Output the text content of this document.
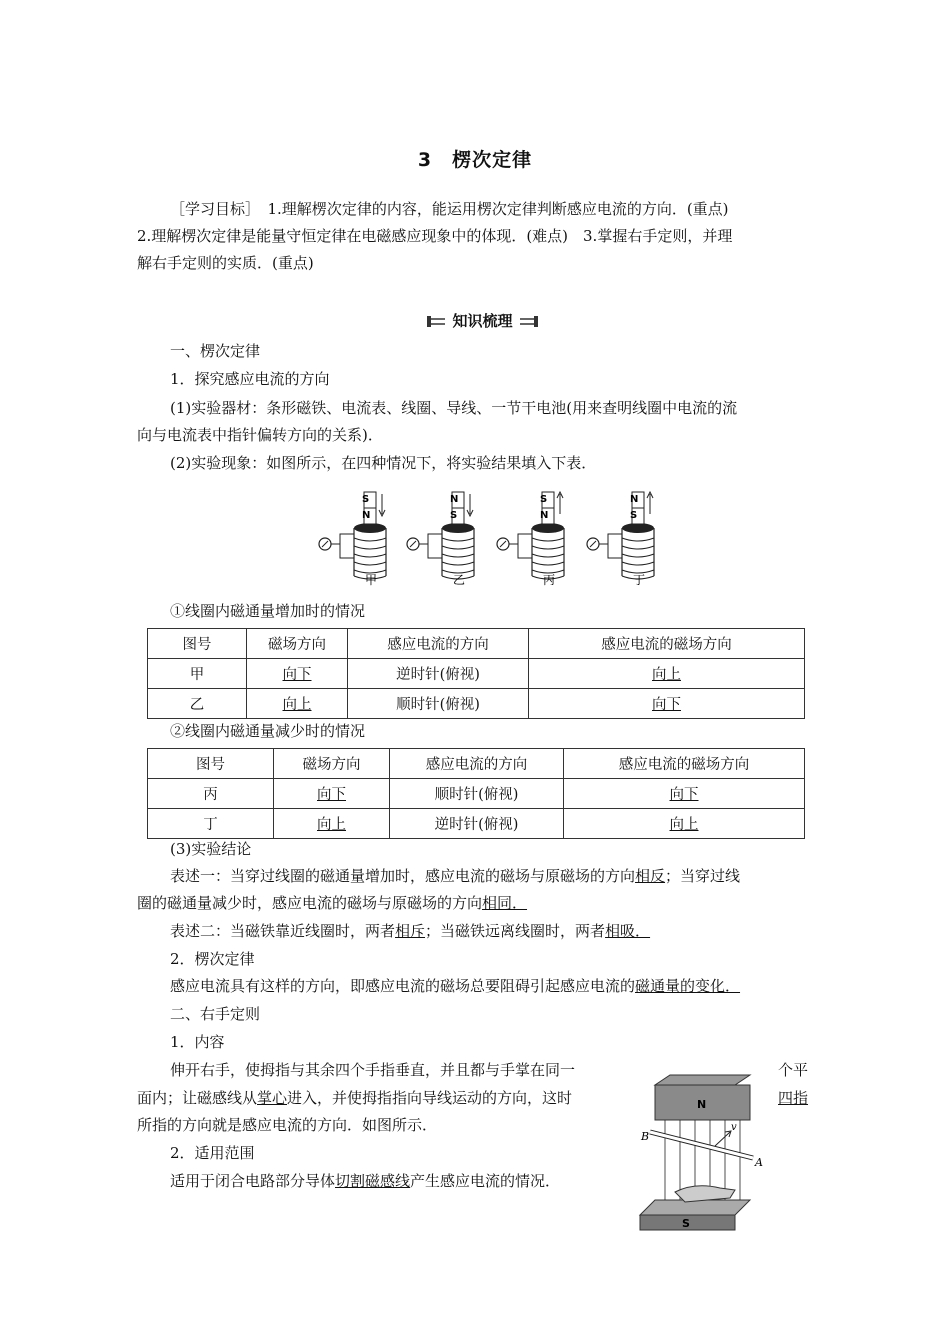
3　楞次定律
［学习目标］　1.理解楞次定律的内容，能运用楞次定律判断感应电流的方向．(重点)
2.理解楞次定律是能量守恒定律在电磁感应现象中的体现．(难点)　3.掌握右手定则，并理
解右手定则的实质．(重点)
知识梳理
一、楞次定律
1．探究感应电流的方向
(1)实验器材：条形磁铁、电流表、线圈、导线、一节干电池(用来查明线圈中电流的流
向与电流表中指针偏转方向的关系)．
(2)实验现象：如图所示，在四种情况下，将实验结果填入下表．
S
N
N
S
S
N
N
S
甲	乙	丙	丁
①线圈内磁通量增加时的情况
图号	磁场方向	感应电流的方向	感应电流的磁场方向
甲	向下	逆时针(俯视)	向上
乙	向上	顺时针(俯视)	向下
②线圈内磁通量减少时的情况
图号	磁场方向	感应电流的方向	感应电流的磁场方向
丙	向下	顺时针(俯视)	向下
丁	向上	逆时针(俯视)	向上
(3)实验结论
表述一：当穿过线圈的磁通量增加时，感应电流的磁场与原磁场的方向相反；当穿过线
圈的磁通量减少时，感应电流的磁场与原磁场的方向相同．
表述二：当磁铁靠近线圈时，两者相斥；当磁铁远离线圈时，两者相吸．
2．楞次定律
感应电流具有这样的方向，即感应电流的磁场总要阻碍引起感应电流的磁通量的变化．
二、右手定则
1．内容
伸开右手，使拇指与其余四个手指垂直，并且都与手掌在同一	个平
面内；让磁感线从掌心进入，并使拇指指向导线运动的方向，这时	四指
所指的方向就是感应电流的方向．如图所示．
2．适用范围
适用于闭合电路部分导体切割磁感线产生感应电流的情况．
N
S
B
A
v
